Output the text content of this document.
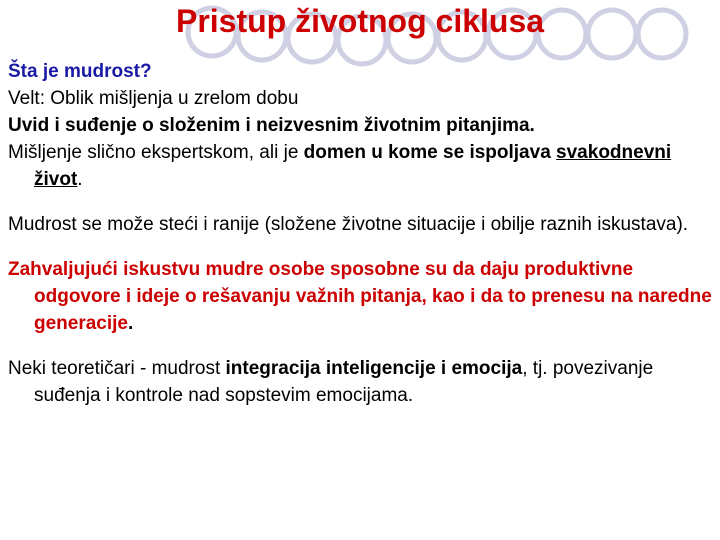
Pristup životnog ciklusa

Šta je mudrost?

Velt: Oblik mišljenja u zrelom dobu

Uvid i suđenje o složenim i neizvesnim životnim pitanjima.

Mišljenje slično ekspertskom, ali je domen u kome se ispoljava svakodnevni život.

Mudrost se može steći i ranije (složene životne situacije i obilje raznih iskustava).

Zahvaljujući iskustvu mudre osobe sposobne su da daju produktivne odgovore i ideje o rešavanju važnih pitanja, kao i da to prenesu na naredne generacije.

Neki teoretičari - mudrost integracija inteligencije i emocija, tj. povezivanje suđenja i kontrole nad sopstevim emocijama.
